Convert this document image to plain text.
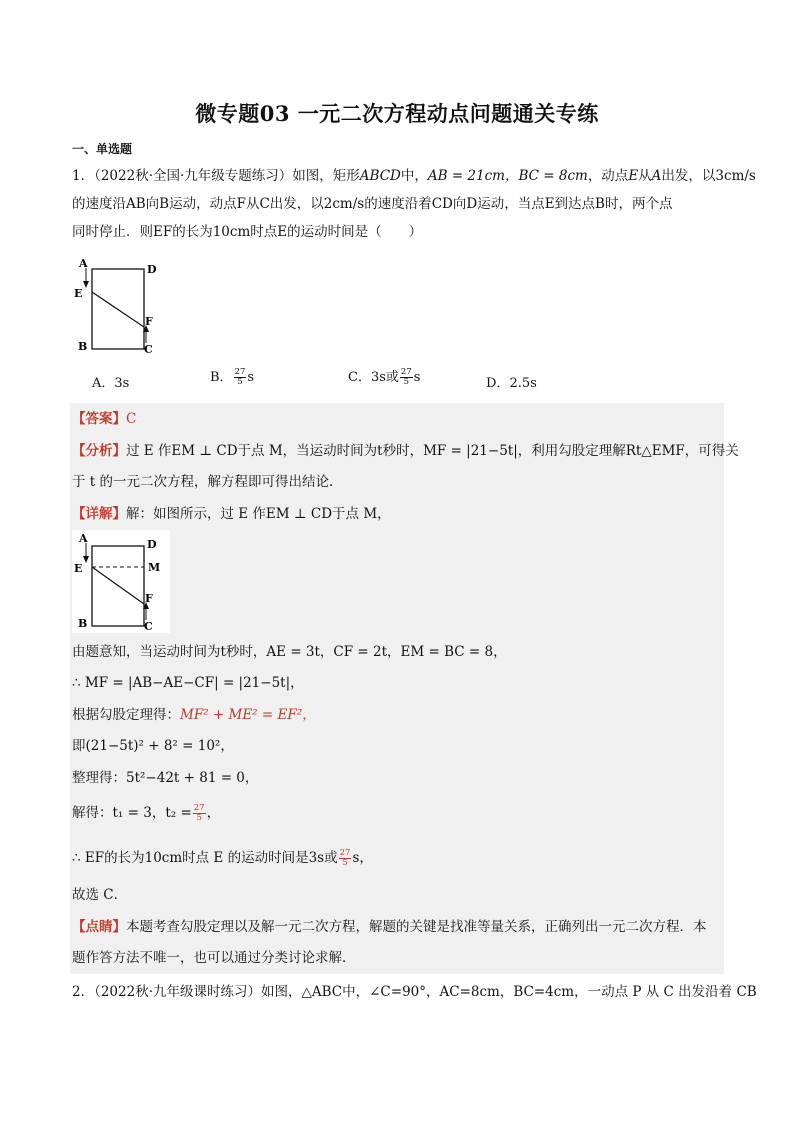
微专题03 一元二次方程动点问题通关专练
一、单选题
1．（2022秋·全国·九年级专题练习）如图，矩形ABCD中，AB = 21cm，BC = 8cm，动点E从A出发，以3cm/s
的速度沿AB向B运动，动点F从C出发，以2cm/s的速度沿着CD向D运动，当点E到达点B时，两个点
同时停止．则EF的长为10cm时点E的运动时间是（　　）
A	D
E
F
B	C
A．3s	B． $\frac{27}{5}$ s	C．3s或 $\frac{27}{5}$ s	D．2.5s
【答案】C
【分析】过 E 作EM ⊥ CD于点 M，当运动时间为t秒时，MF = |21−5t|，利用勾股定理解Rt△EMF，可得关
于 t 的一元二次方程，解方程即可得出结论．
【详解】解：如图所示，过 E 作EM ⊥ CD于点 M，
A	D
E	M
F
B	C
由题意知，当运动时间为t秒时，AE = 3t，CF = 2t，EM = BC = 8，
∴ MF = |AB−AE−CF| = |21−5t|，
根据勾股定理得：MF² + ME² = EF²，
即(21−5t)² + 8² = 10²，
整理得：5t²−42t + 81 = 0，
解得：t₁ = 3，$t_2 = \frac{27}{5}$ ，
∴ EF的长为10cm时点 E 的运动时间是3s或 $\frac{27}{5}$ s，
故选 C．
【点睛】本题考查勾股定理以及解一元二次方程，解题的关键是找准等量关系，正确列出一元二次方程．本
题作答方法不唯一，也可以通过分类讨论求解．
2．（2022秋·九年级课时练习）如图，△ABC中，∠C=90°，AC=8cm，BC=4cm，一动点 P 从 C 出发沿着 CB
